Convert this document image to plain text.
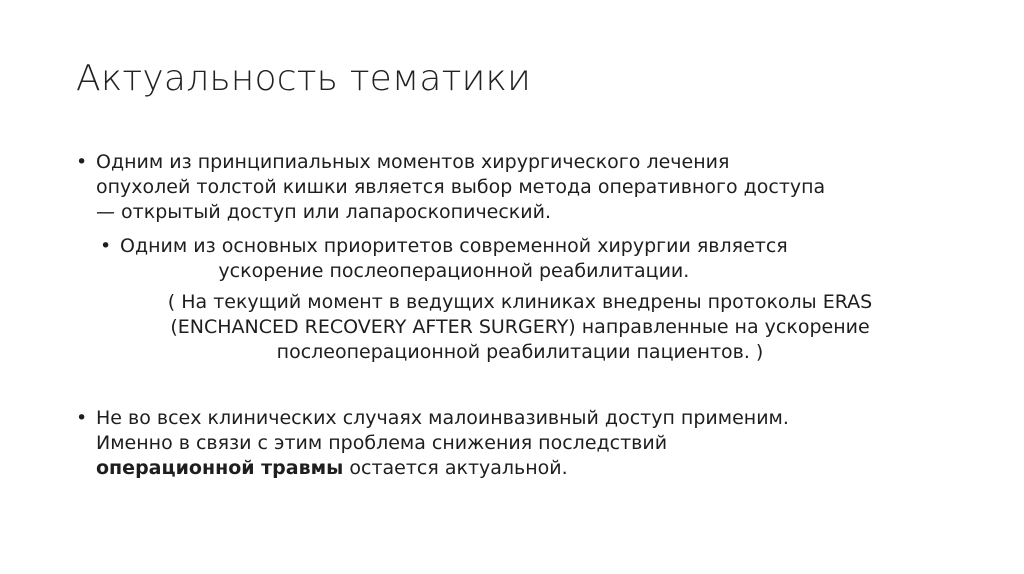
Актуальность тематики
• Одним из принципиальных моментов хирургического лечения
опухолей толстой кишки является выбор метода оперативного доступа
— открытый доступ или лапароскопический.
• Одним из основных приоритетов современной хирургии является
ускорение послеоперационной реабилитации.
( На текущий момент в ведущих клиниках внедрены протоколы ERAS
(ENCHANCED RECOVERY AFTER SURGERY) направленные на ускорение
послеоперационной реабилитации пациентов. )
• Не во всех клинических случаях малоинвазивный доступ применим.
Именно в связи с этим проблема снижения последствий
операционной травмы остается актуальной.
